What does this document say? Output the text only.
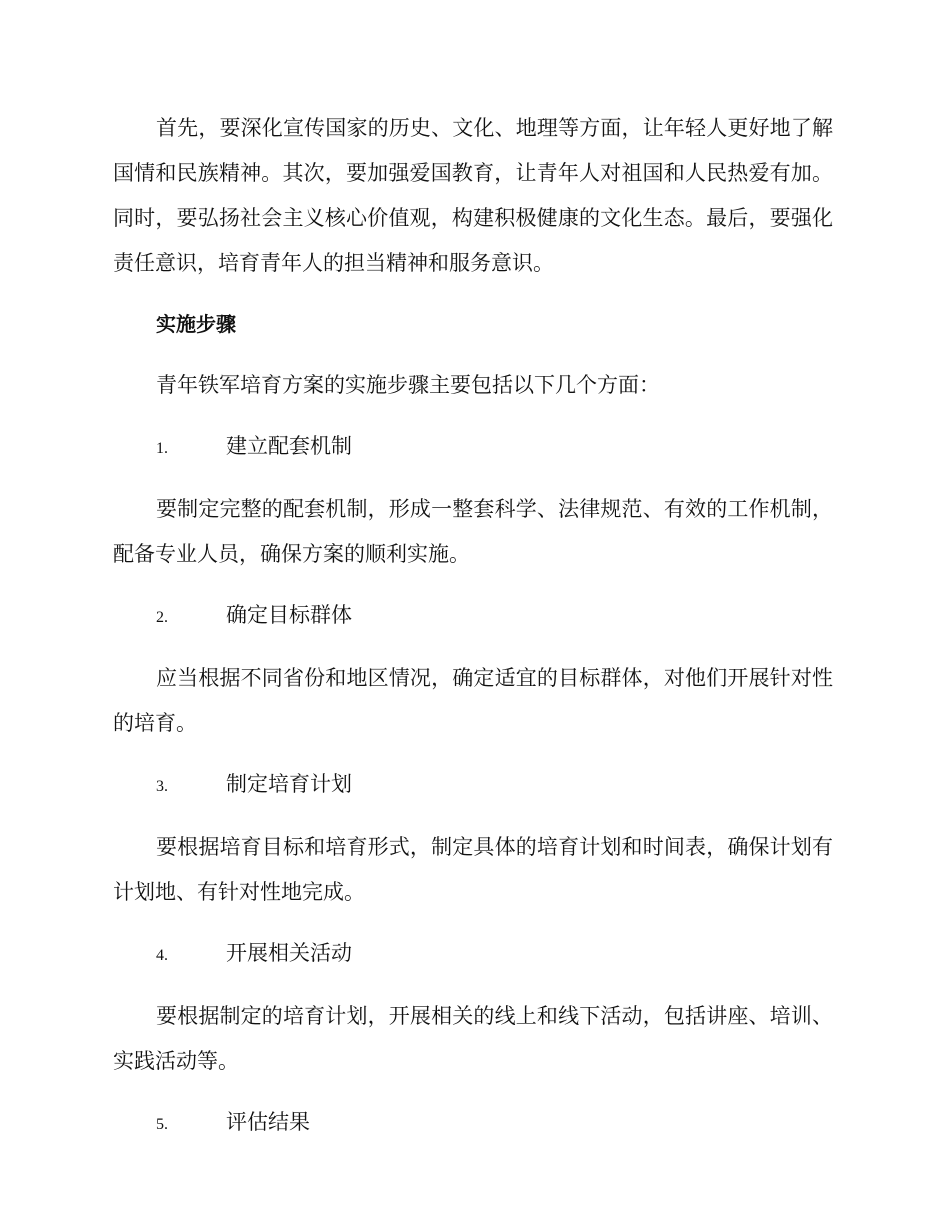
首先，要深化宣传国家的历史、文化、地理等方面，让年轻人更好地了解国情和民族精神。其次，要加强爱国教育，让青年人对祖国和人民热爱有加。同时，要弘扬社会主义核心价值观，构建积极健康的文化生态。最后，要强化责任意识，培育青年人的担当精神和服务意识。

实施步骤

青年铁军培育方案的实施步骤主要包括以下几个方面：

1.	建立配套机制

要制定完整的配套机制，形成一整套科学、法律规范、有效的工作机制，配备专业人员，确保方案的顺利实施。

2.	确定目标群体

应当根据不同省份和地区情况，确定适宜的目标群体，对他们开展针对性的培育。

3.	制定培育计划

要根据培育目标和培育形式，制定具体的培育计划和时间表，确保计划有计划地、有针对性地完成。

4.	开展相关活动

要根据制定的培育计划，开展相关的线上和线下活动，包括讲座、培训、实践活动等。

5.	评估结果
